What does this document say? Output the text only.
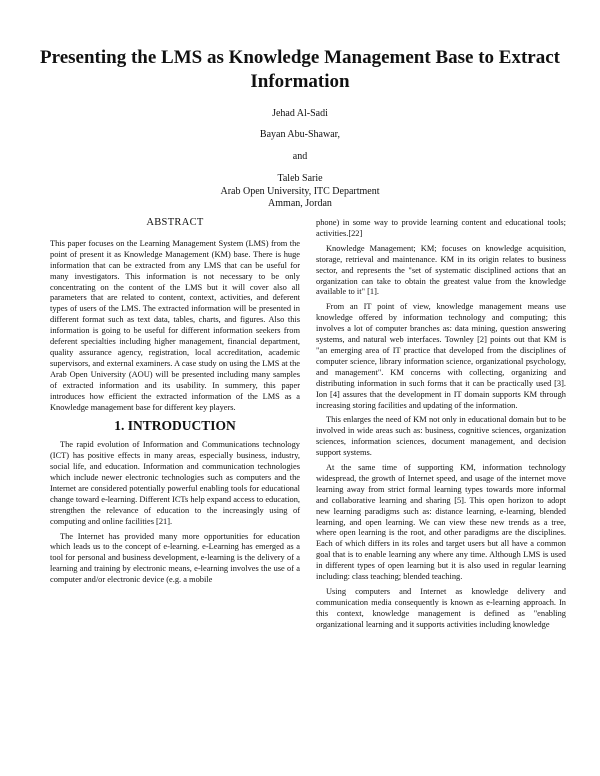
Presenting the LMS as Knowledge Management Base to Extract Information
Jehad Al-Sadi
Bayan Abu-Shawar,
and
Taleb Sarie
Arab Open University, ITC Department
Amman, Jordan
ABSTRACT

This paper focuses on the Learning Management System (LMS) from the point of present it as Knowledge Management (KM) base. There is huge information that can be extracted from any LMS that can be useful for many investigators. This information is not necessary to be only concentrating on the content of the LMS but it will cover also all parameters that are related to content, context, activities, and deferent types of users of the LMS. The extracted information will be presented in different format such as text data, tables, charts, and figures. Also this information is going to be useful for different information seekers from deferent specialties including higher management, financial department, quality assurance agency, registration, local accreditation, academic supervisors, and external examiners. A case study on using the LMS at the Arab Open University (AOU) will be presented including many samples of extracted information and its usability. In summery, this paper introduces how efficient the extracted information of the LMS as a Knowledge management base for different key players.

1. INTRODUCTION

The rapid evolution of Information and Communications technology (ICT) has positive effects in many areas, especially business, industry, social life, and education. Information and communication technologies which include newer electronic technologies such as computers and the Internet are considered potentially powerful enabling tools for educational change toward e-learning. Different ICTs help expand access to education, strengthen the relevance of education to the increasingly using of computing and online facilities [21].

The Internet has provided many more opportunities for education which leads us to the concept of e-learning. e-Learning has emerged as a tool for personal and business development, e-learning is the delivery of a learning and training by electronic means, e-learning involves the use of a computer and/or electronic device (e.g. a mobile

phone) in some way to provide learning content and educational tools; activities.[22]

Knowledge Management; KM; focuses on knowledge acquisition, storage, retrieval and maintenance. KM in its origin relates to business sector, and represents the "set of systematic disciplined actions that an organization can take to obtain the greatest value from the knowledge available to it" [1].

From an IT point of view, knowledge management means use knowledge offered by information technology and computing; this involves a lot of computer branches as: data mining, question answering systems, and natural web interfaces. Townley [2] points out that KM is "an emerging area of IT practice that developed from the disciplines of computer science, library information science, organizational psychology, and management". KM concerns with collecting, organizing and distributing information in such forms that it can be practically used [3]. Ion [4] assures that the development in IT domain supports KM through increasing storing facilities and updating of the information.

This enlarges the need of KM not only in educational domain but to be involved in wide areas such as: business, cognitive sciences, organization sciences, information sciences, document management, and decision support systems.

At the same time of supporting KM, information technology widespread, the growth of Internet speed, and usage of the internet move learning away from strict formal learning types towards more informal and collaborative learning and sharing [5]. This open horizon to adopt new learning paradigms such as: distance learning, e-learning, blended learning, and open learning. We can view these new trends as a tree, where open learning is the root, and other paradigms are the disciplines. Each of which differs in its roles and target users but all have a common goal that is to enable learning any where any time. Although LMS is used in different types of open learning but it is also used in regular learning including: class teaching; blended teaching.

Using computers and Internet as knowledge delivery and communication media consequently is known as e-learning approach. In this context, knowledge management is defined as "enabling organizational learning and it supports activities including knowledge
